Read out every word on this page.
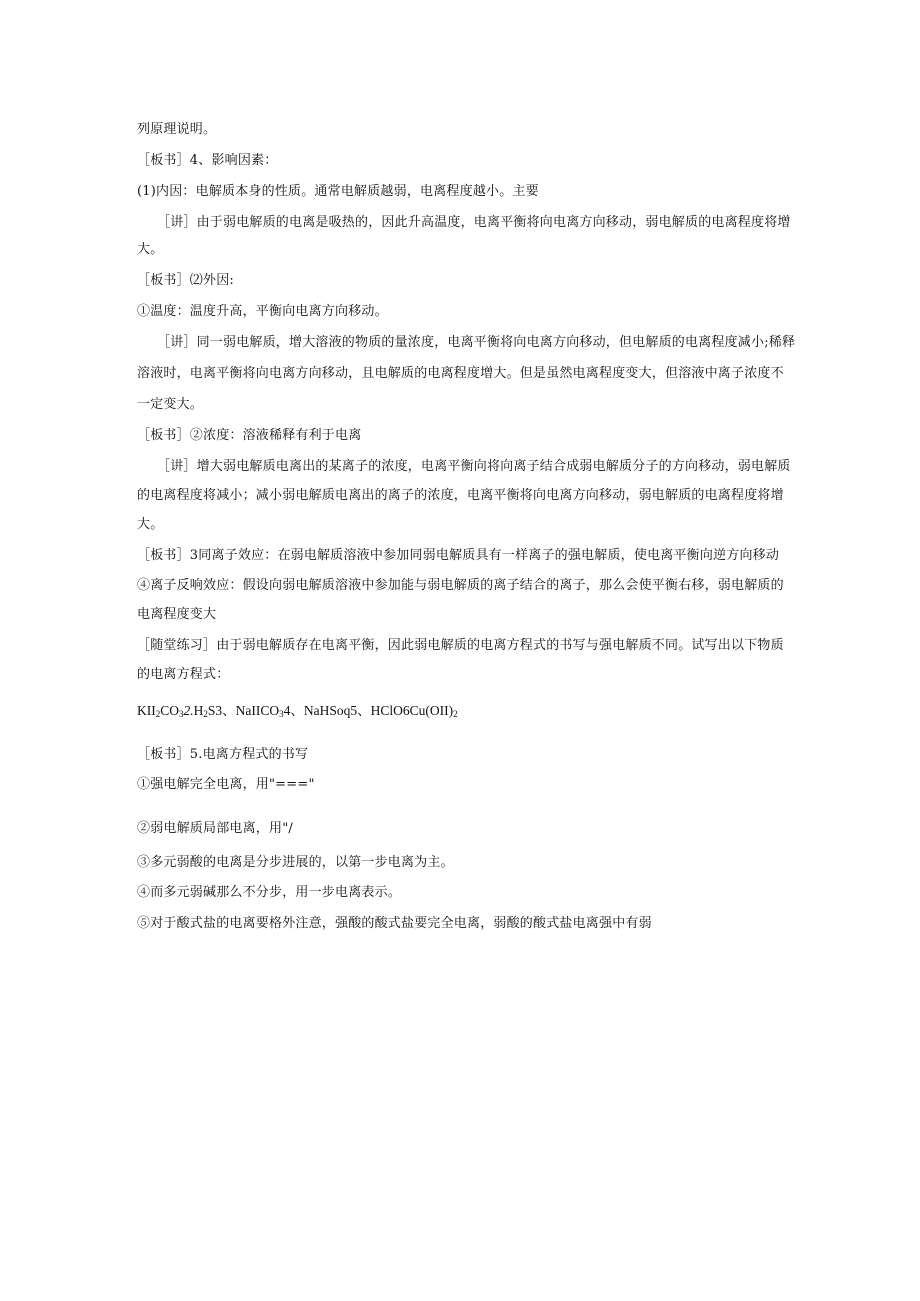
列原理说明。
［板书］4、影响因素：
(1)内因：电解质本身的性质。通常电解质越弱，电离程度越小。主要
［讲］由于弱电解质的电离是吸热的，因此升高温度，电离平衡将向电离方向移动，弱电解质的电离程度将增
大。
［板书］⑵外因:
①温度：温度升高，平衡向电离方向移动。
［讲］同一弱电解质，增大溶液的物质的量浓度，电离平衡将向电离方向移动，但电解质的电离程度减小;稀释
溶液时，电离平衡将向电离方向移动，且电解质的电离程度增大。但是虽然电离程度变大，但溶液中离子浓度不
一定变大。
［板书］②浓度：溶液稀释有利于电离
［讲］增大弱电解质电离出的某离子的浓度，电离平衡向将向离子结合成弱电解质分子的方向移动，弱电解质
的电离程度将减小；减小弱电解质电离出的离子的浓度，电离平衡将向电离方向移动，弱电解质的电离程度将增
大。
［板书］3同离子效应：在弱电解质溶液中参加同弱电解质具有一样离子的强电解质，使电离平衡向逆方向移动
④离子反响效应：假设向弱电解质溶液中参加能与弱电解质的离子结合的离子，那么会使平衡右移，弱电解质的
电离程度变大
［随堂练习］由于弱电解质存在电离平衡，因此弱电解质的电离方程式的书写与强电解质不同。试写出以下物质
的电离方程式：
$KII_2CO_32.H_2S3$、NaIICO$_3$4、NaHSoq5、$HClO6Cu(OII)_2$
［板书］5.电离方程式的书写
①强电解完全电离，用"==="
②弱电解质局部电离，用"/
③多元弱酸的电离是分步进展的，以第一步电离为主。
④而多元弱碱那么不分步，用一步电离表示。
⑤对于酸式盐的电离要格外注意，强酸的酸式盐要完全电离，弱酸的酸式盐电离强中有弱
